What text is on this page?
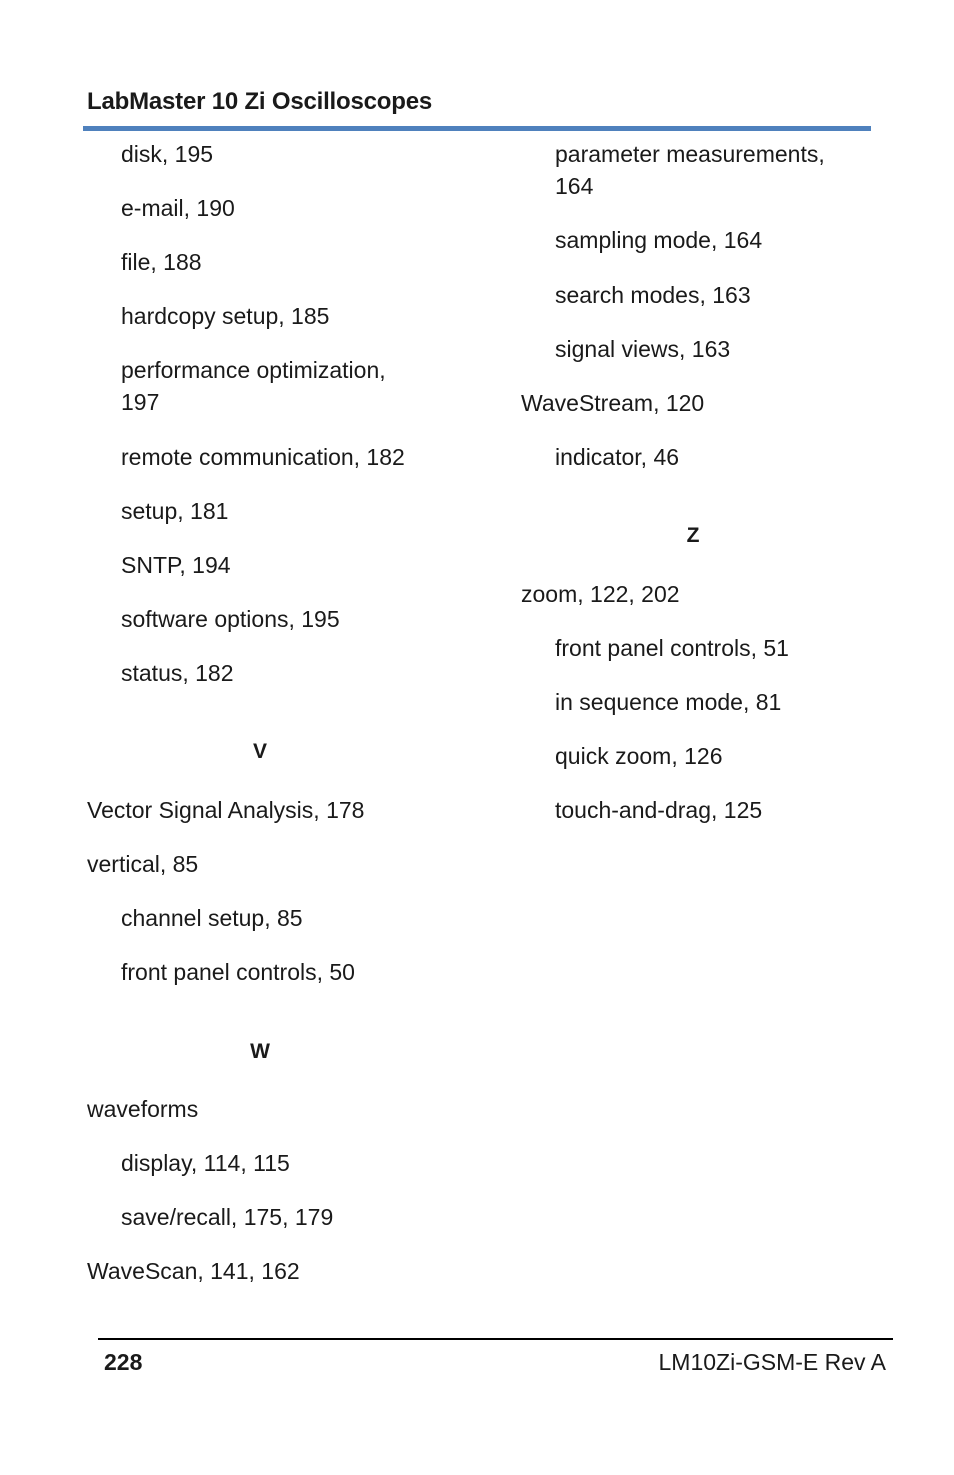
LabMaster 10 Zi Oscilloscopes
disk, 195
e-mail, 190
file, 188
hardcopy setup, 185
performance optimization,
197
remote communication, 182
setup, 181
SNTP, 194
software options, 195
status, 182
V
Vector Signal Analysis, 178
vertical, 85
channel setup, 85
front panel controls, 50
W
waveforms
display, 114, 115
save/recall, 175, 179
WaveScan, 141, 162
parameter measurements,
164
sampling mode, 164
search modes, 163
signal views, 163
WaveStream, 120
indicator, 46
Z
zoom, 122, 202
front panel controls, 51
in sequence mode, 81
quick zoom, 126
touch-and-drag, 125
228	LM10Zi-GSM-E Rev A
